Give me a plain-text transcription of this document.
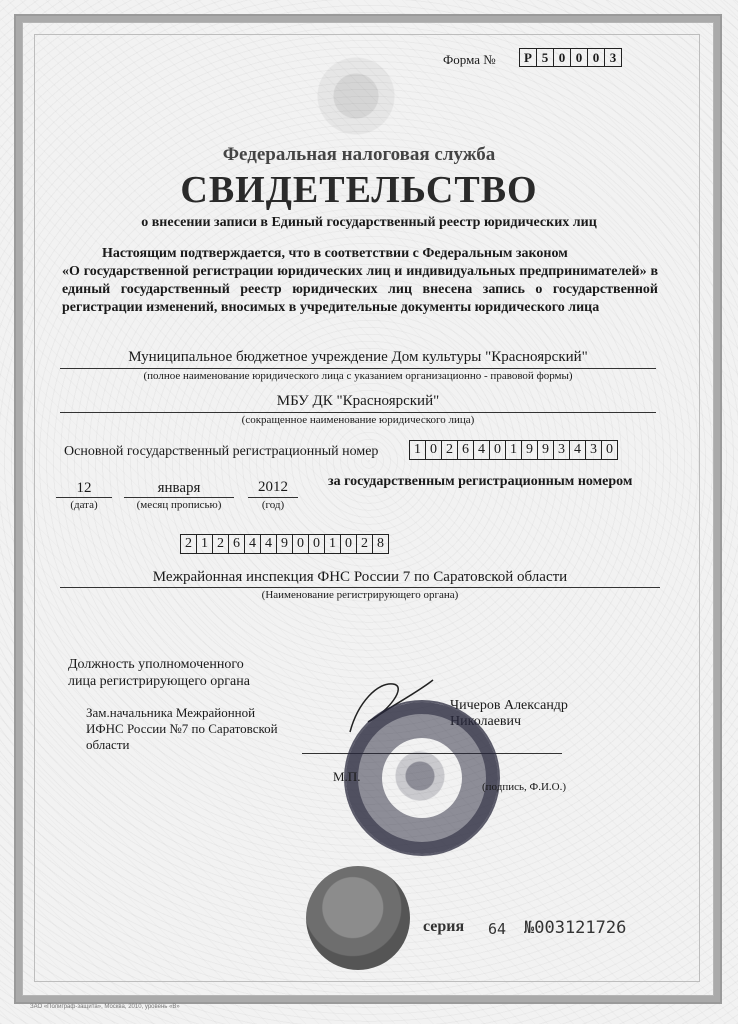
Форма №	Р 5 0 0 0 3
Федеральная налоговая служба
СВИДЕТЕЛЬСТВО
о внесении записи в Единый государственный реестр юридических лиц
Настоящим подтверждается, что в соответствии с Федеральным законом
«О государственной регистрации юридических лиц и индивидуальных предпринимателей» в единый государственный реестр юридических лиц внесена запись о государственной регистрации изменений, вносимых в учредительные документы юридического лица
Муниципальное бюджетное учреждение Дом культуры "Красноярский"
(полное наименование юридического лица с указанием организационно - правовой формы)
МБУ ДК "Красноярский"
(сокращенное наименование юридического лица)
Основной государственный регистрационный номер	1 0 2 6 4 0 1 9 9 3 4 3 0
12
(дата)
января
(месяц прописью)
2012
(год)
за государственным регистрационным номером
2 1 2 6 4 4 9 0 0 1 0 2 8
Межрайонная инспекция ФНС России 7 по Саратовской области
(Наименование регистрирующего органа)
Должность уполномоченного
лица регистрирующего органа
Зам.начальника Межрайонной
ИФНС России №7 по Саратовской
области
Чичеров Александр
Николаевич
М.П.
(подпись, Ф.И.О.)
серия 64 №003121726
ЗАО «Полиграф-защита», Москва, 2010, уровень «В»
